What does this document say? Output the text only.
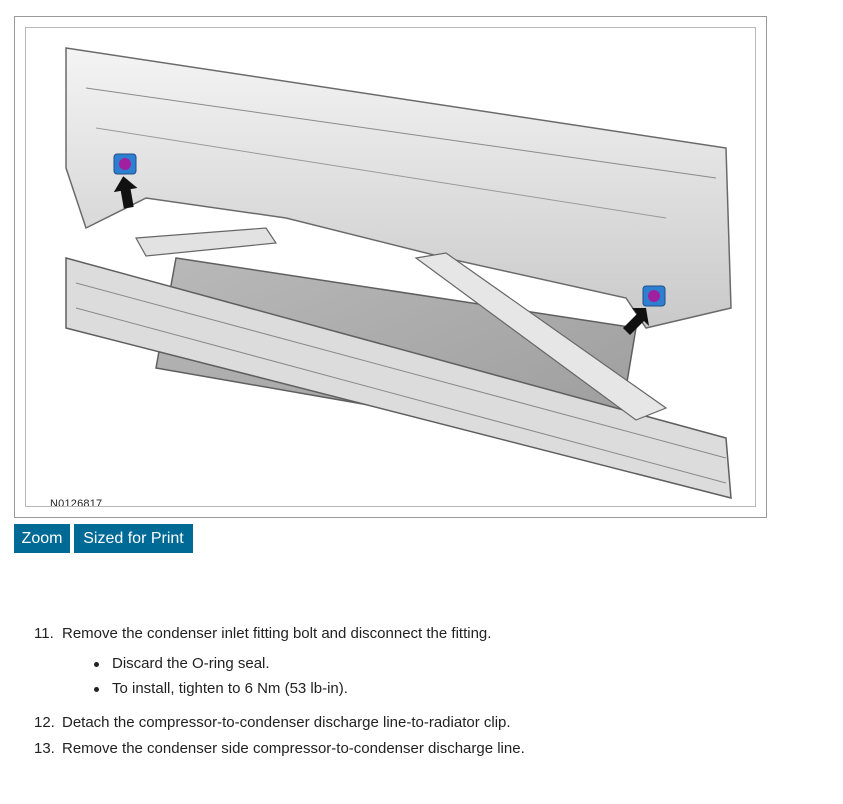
N0126817
Zoom	Sized for Print
11. Remove the condenser inlet fitting bolt and disconnect the fitting.
Discard the O-ring seal.
To install, tighten to 6 Nm (53 lb-in).
12. Detach the compressor-to-condenser discharge line-to-radiator clip.
13. Remove the condenser side compressor-to-condenser discharge line.
